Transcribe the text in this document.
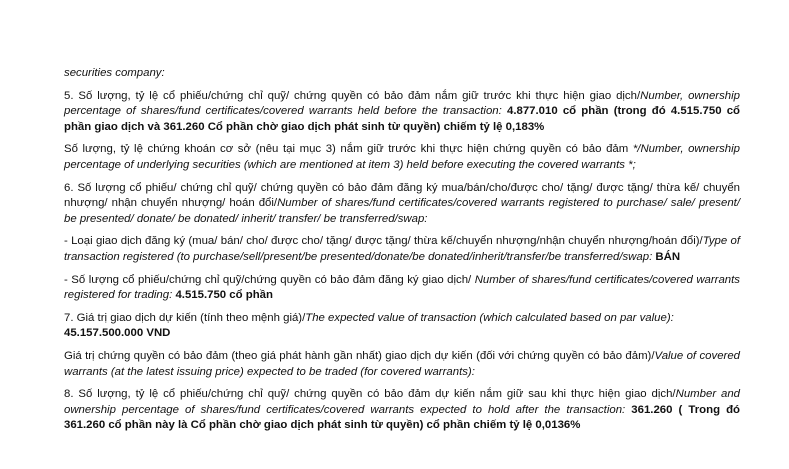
securities company:

5. Số lượng, tỷ lệ cổ phiếu/chứng chỉ quỹ/ chứng quyền có bảo đảm nắm giữ trước khi thực hiện giao dịch/Number, ownership percentage of shares/fund certificates/covered warrants held before the transaction: 4.877.010 cổ phần (trong đó 4.515.750 cổ phần giao dịch và 361.260 Cổ phần chờ giao dịch phát sinh từ quyền) chiếm tỷ lệ 0,183%

Số lượng, tỷ lệ chứng khoán cơ sở (nêu tại mục 3) nắm giữ trước khi thực hiện chứng quyền có bảo đảm */Number, ownership percentage of underlying securities (which are mentioned at item 3) held before executing the covered warrants *;

6. Số lượng cổ phiếu/ chứng chỉ quỹ/ chứng quyền có bảo đảm đăng ký mua/bán/cho/được cho/ tặng/ được tặng/ thừa kế/ chuyển nhượng/ nhận chuyển nhượng/ hoán đổi/Number of shares/fund certificates/covered warrants registered to purchase/ sale/ present/ be presented/ donate/ be donated/ inherit/ transfer/ be transferred/swap:

- Loại giao dịch đăng ký (mua/ bán/ cho/ được cho/ tặng/ được tặng/ thừa kế/chuyển nhượng/nhận chuyển nhượng/hoán đổi)/Type of transaction registered (to purchase/sell/present/be presented/donate/be donated/inherit/transfer/be transferred/swap: BÁN

- Số lượng cổ phiếu/chứng chỉ quỹ/chứng quyền có bảo đảm đăng ký giao dịch/ Number of shares/fund certificates/covered warrants registered for trading: 4.515.750 cổ phần

7. Giá trị giao dịch dự kiến (tính theo mệnh giá)/The expected value of transaction (which calculated based on par value):
45.157.500.000 VND

Giá trị chứng quyền có bảo đảm (theo giá phát hành gần nhất) giao dịch dự kiến (đối với chứng quyền có bảo đảm)/Value of covered warrants (at the latest issuing price) expected to be traded (for covered warrants):

8. Số lượng, tỷ lệ cổ phiếu/chứng chỉ quỹ/ chứng quyền có bảo đảm dự kiến nắm giữ sau khi thực hiện giao dịch/Number and ownership percentage of shares/fund certificates/covered warrants expected to hold after the transaction: 361.260 ( Trong đó 361.260 cổ phần này là Cổ phần chờ giao dịch phát sinh từ quyền) cổ phần chiếm tỷ lệ 0,0136%
